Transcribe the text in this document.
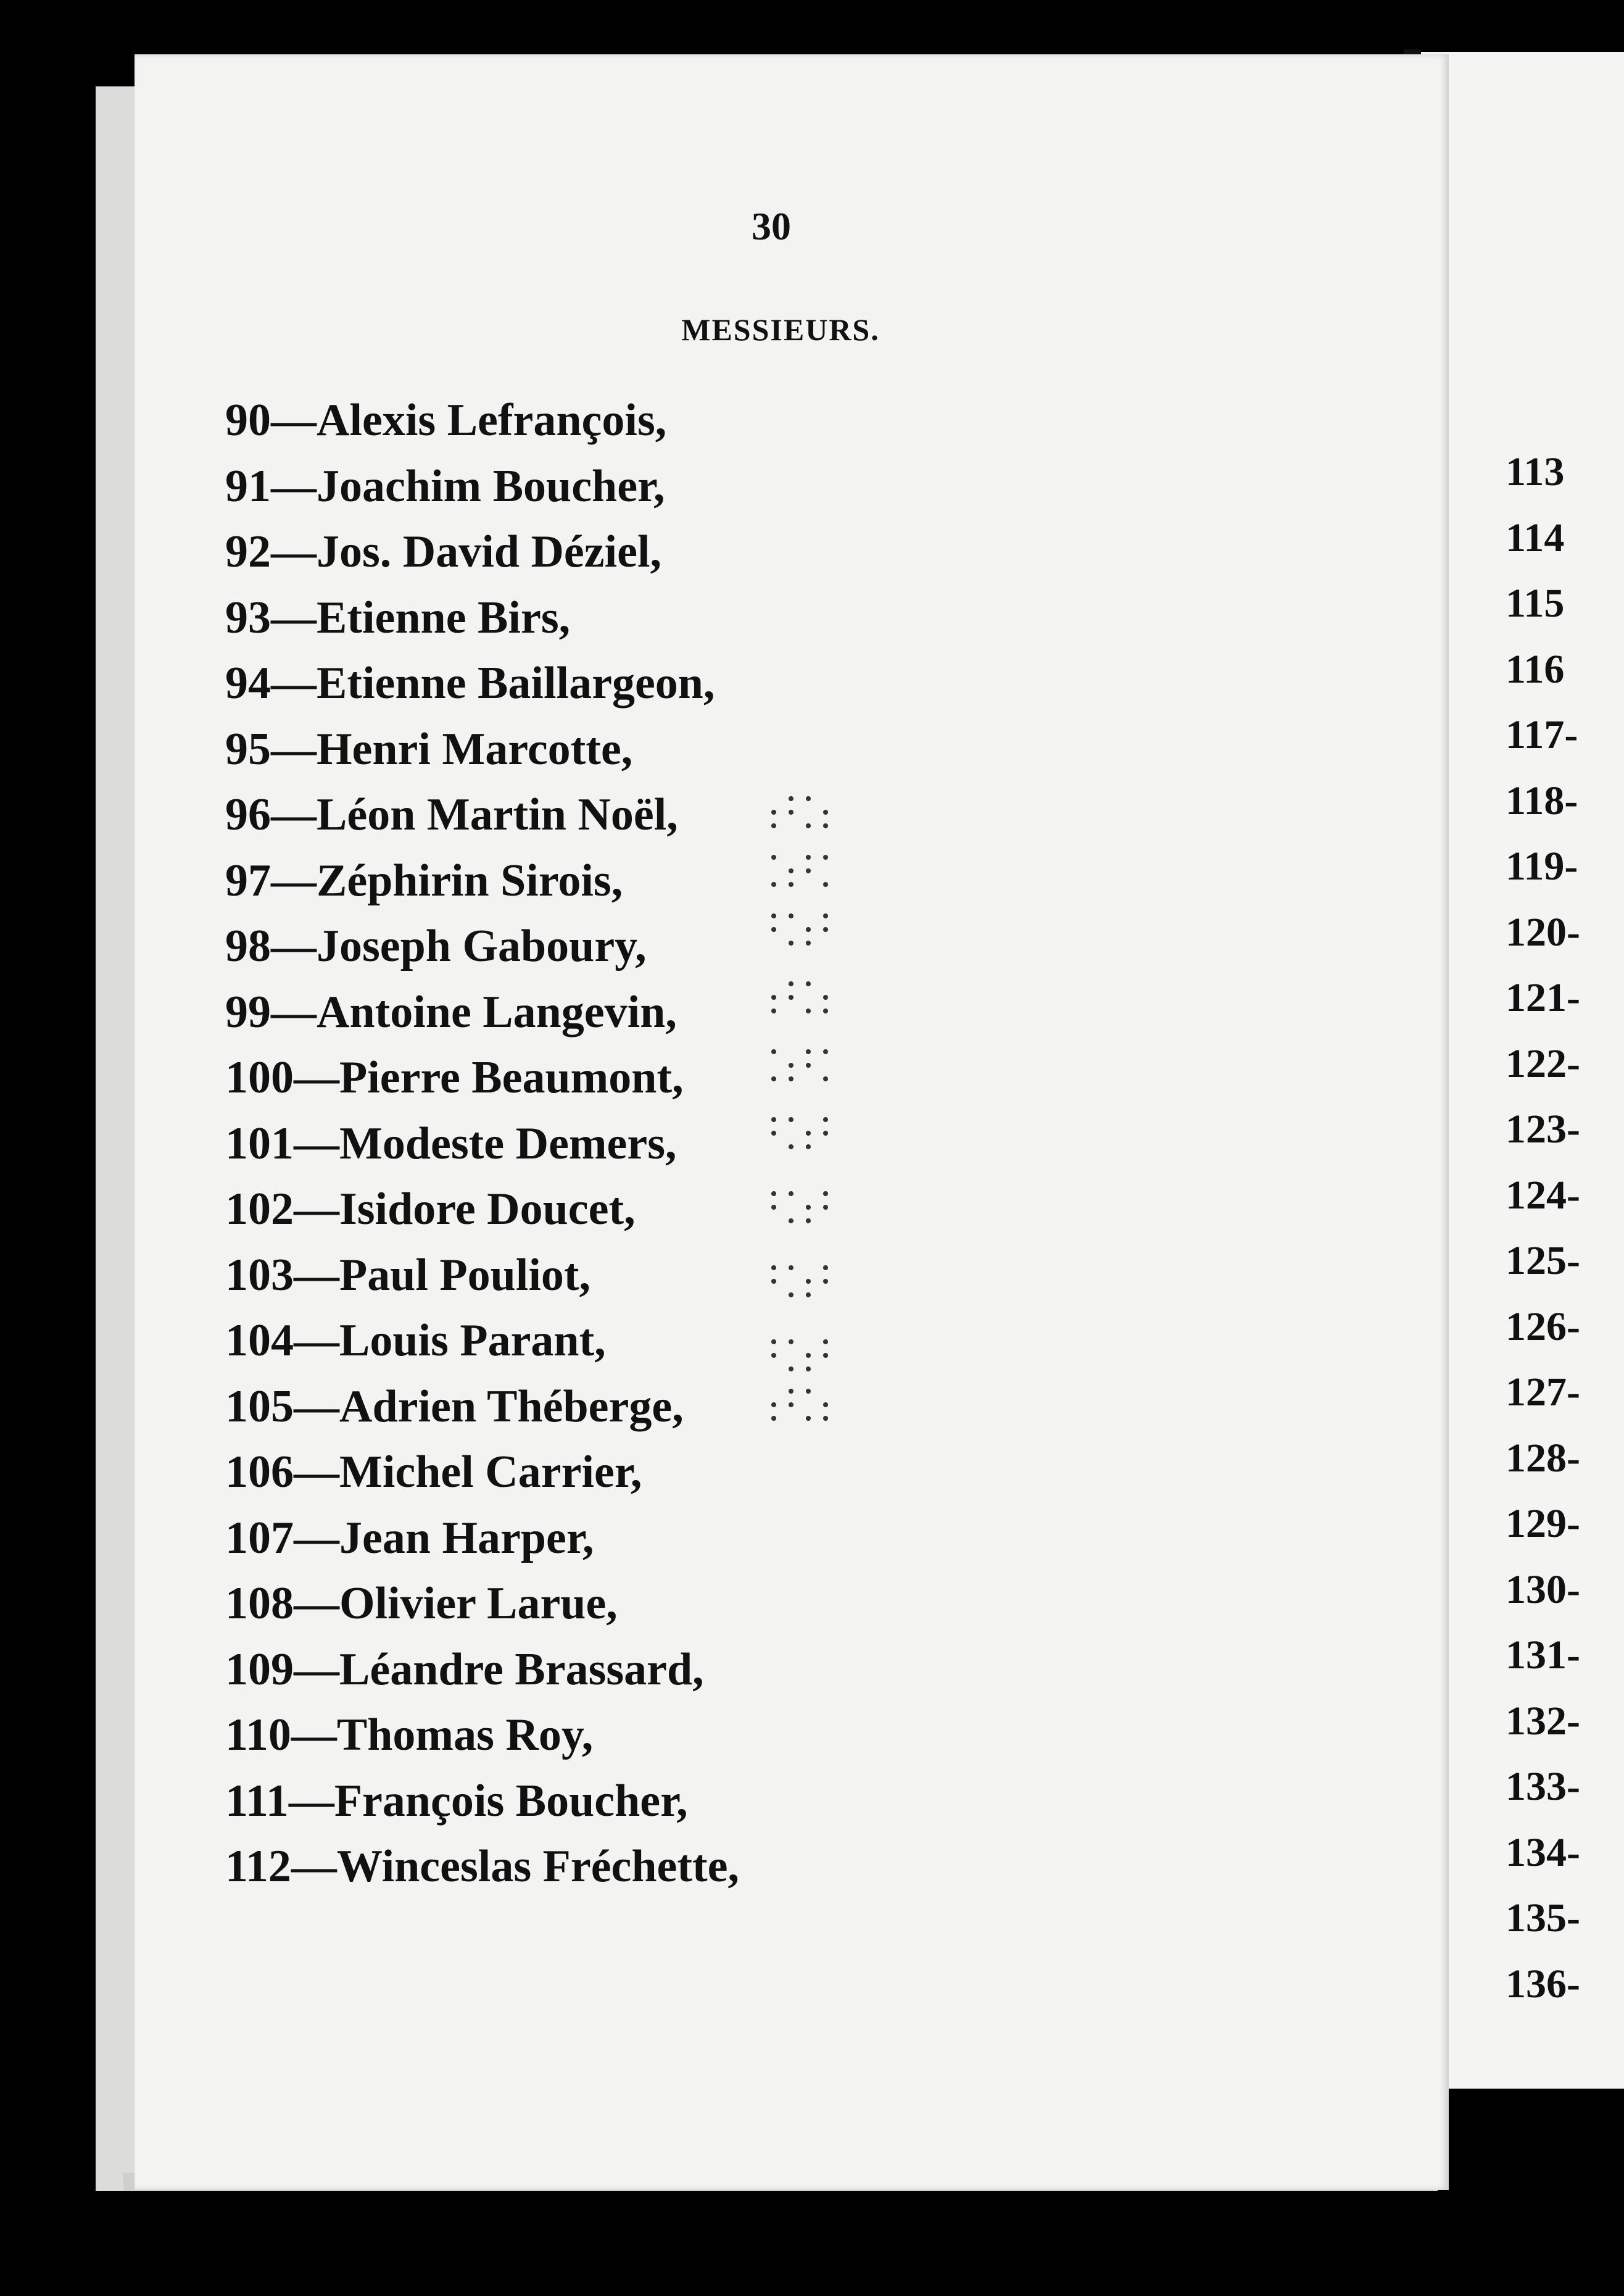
113
114
115
116
117-
118-
119-
120-
121-
122-
123-
124-
125-
126-
127-
128-
129-
130-
131-
132-
133-
134-
135-
136-
30
MESSIEURS.
90—Alexis Lefrançois,
91—Joachim Boucher,
92—Jos. David Déziel,
93—Etienne Birs,
94—Etienne Baillargeon,
95—Henri Marcotte,
96—Léon Martin Noël,
97—Zéphirin Sirois,
98—Joseph Gaboury,
99—Antoine Langevin,
100—Pierre Beaumont,
101—Modeste Demers,
102—Isidore Doucet,
103—Paul Pouliot,
104—Louis Parant,
105—Adrien Théberge,
106—Michel Carrier,
107—Jean Harper,
108—Olivier Larue,
109—Léandre Brassard,
110—Thomas Roy,
111—François Boucher,
112—Winceslas Fréchette,
